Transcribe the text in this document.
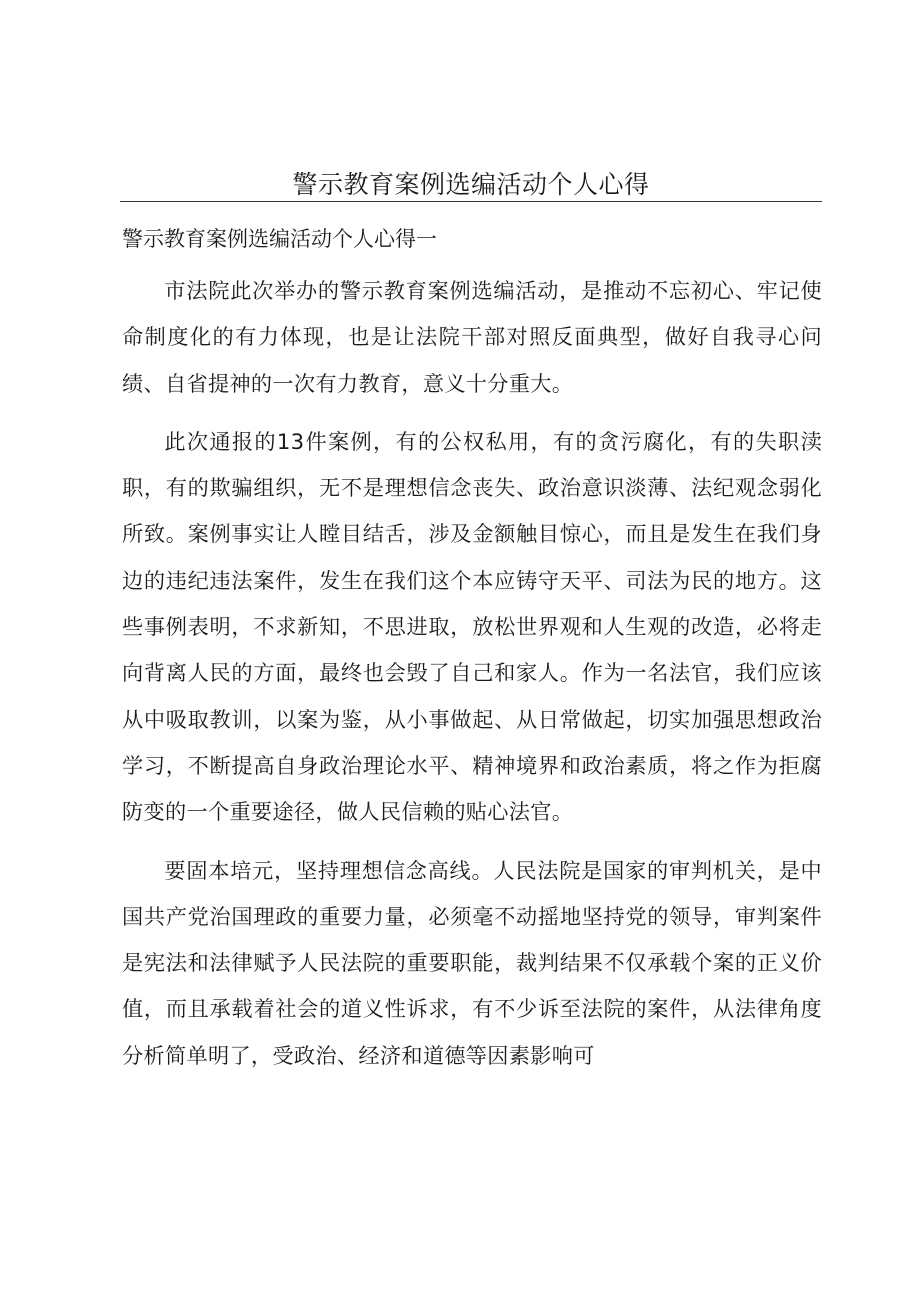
警示教育案例选编活动个人心得
警示教育案例选编活动个人心得一

市法院此次举办的警示教育案例选编活动，是推动不忘初心、牢记使命制度化的有力体现，也是让法院干部对照反面典型，做好自我寻心问绩、自省提神的一次有力教育，意义十分重大。

此次通报的13件案例，有的公权私用，有的贪污腐化，有的失职渎职，有的欺骗组织，无不是理想信念丧失、政治意识淡薄、法纪观念弱化所致。案例事实让人瞠目结舌，涉及金额触目惊心，而且是发生在我们身边的违纪违法案件，发生在我们这个本应铸守天平、司法为民的地方。这些事例表明，不求新知，不思进取，放松世界观和人生观的改造，必将走向背离人民的方面，最终也会毁了自己和家人。作为一名法官，我们应该从中吸取教训，以案为鉴，从小事做起、从日常做起，切实加强思想政治学习，不断提高自身政治理论水平、精神境界和政治素质，将之作为拒腐防变的一个重要途径，做人民信赖的贴心法官。

要固本培元，坚持理想信念高线。人民法院是国家的审判机关，是中国共产党治国理政的重要力量，必须毫不动摇地坚持党的领导，审判案件是宪法和法律赋予人民法院的重要职能，裁判结果不仅承载个案的正义价值，而且承载着社会的道义性诉求，有不少诉至法院的案件，从法律角度分析简单明了，受政治、经济和道德等因素影响可
